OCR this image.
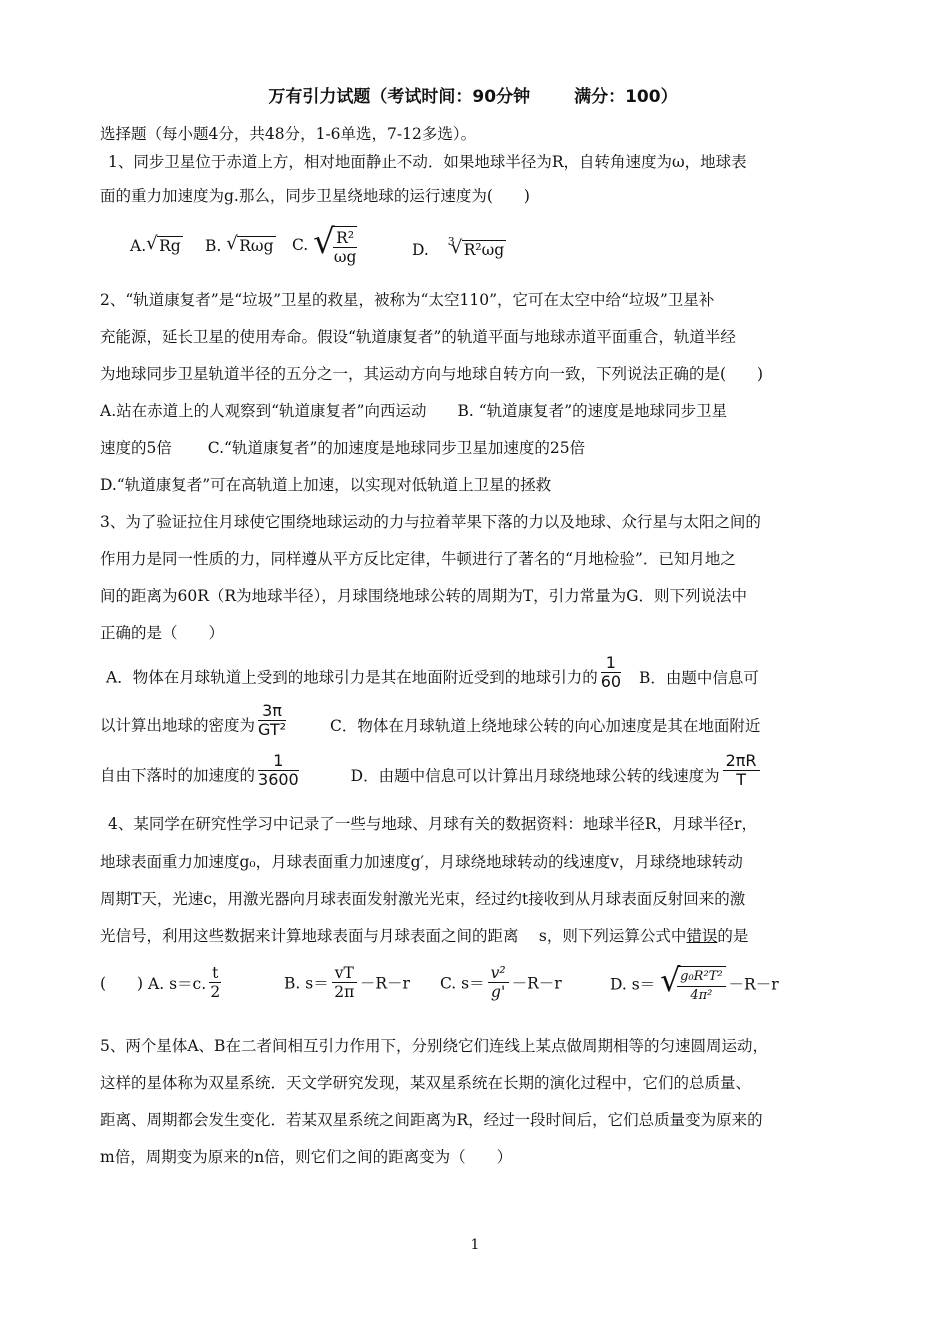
万有引力试题（考试时间：90分钟	满分：100）
选择题（每小题4分，共48分，1-6单选，7-12多选）。
1、同步卫星位于赤道上方，相对地面静止不动．如果地球半径为R，自转角速度为ω，地球表
面的重力加速度为g.那么，同步卫星绕地球的运行速度为(　　)
A. √ Rg B. √ Rωg C. √
$\frac{\text{R²}}{\omega g}$	D. $^3$ √ R²ωg
2、“轨道康复者”是“垃圾”卫星的救星，被称为“太空110”，它可在太空中给“垃圾”卫星补
充能源，延长卫星的使用寿命。假设“轨道康复者”的轨道平面与地球赤道平面重合，轨道半经
为地球同步卫星轨道半径的五分之一，其运动方向与地球自转方向一致，下列说法正确的是(　　)
A.站在赤道上的人观察到“轨道康复者”向西运动　　B. “轨道康复者”的速度是地球同步卫星
速度的5倍　　 C.“轨道康复者”的加速度是地球同步卫星加速度的25倍
D.“轨道康复者”可在高轨道上加速，以实现对低轨道上卫星的拯救
3、为了验证拉住月球使它围绕地球运动的力与拉着苹果下落的力以及地球、众行星与太阳之间的
作用力是同一性质的力，同样遵从平方反比定律，牛顿进行了著名的“月地检验”．已知月地之
间的距离为60R（R为地球半径），月球围绕地球公转的周期为T，引力常量为G．则下列说法中
正确的是（　　）
A．物体在月球轨道上受到的地球引力是其在地面附近受到的地球引力的 $\frac{1}{60}$ B．由题中信息可
以计算出地球的密度为 $\frac{3\pi}{\text{GT²}}$	C．物体在月球轨道上绕地球公转的向心加速度是其在地面附近
自由下落时的加速度的 $\frac{1}{3600}$	D．由题中信息可以计算出月球绕地球公转的线速度为 $\frac{2\pi R}{T}$
4、某同学在研究性学习中记录了一些与地球、月球有关的数据资料：地球半径R，月球半径r，
地球表面重力加速度g₀，月球表面重力加速度g′，月球绕地球转动的线速度v，月球绕地球转动
周期T天，光速c，用激光器向月球表面发射激光光束，经过约t接收到从月球表面反射回来的激
光信号，利用这些数据来计算地球表面与月球表面之间的距离　 s，则下列运算公式中错误的是
(　　) A. s＝c. $\frac{t}{2}$	B. $s= \frac{vT}{2\pi} -R-r$ C. $s= \frac{\text{v²}}{g'} -R-r$	D. s＝ √
$\frac{\text{g₀R²T²}}{\text{4π²}} -R-r$
5、两个星体A、B在二者间相互引力作用下，分别绕它们连线上某点做周期相等的匀速圆周运动，
这样的星体称为双星系统．天文学研究发现，某双星系统在长期的演化过程中，它们的总质量、
距离、周期都会发生变化．若某双星系统之间距离为R，经过一段时间后，它们总质量变为原来的
m倍，周期变为原来的n倍，则它们之间的距离变为（　　）
1
